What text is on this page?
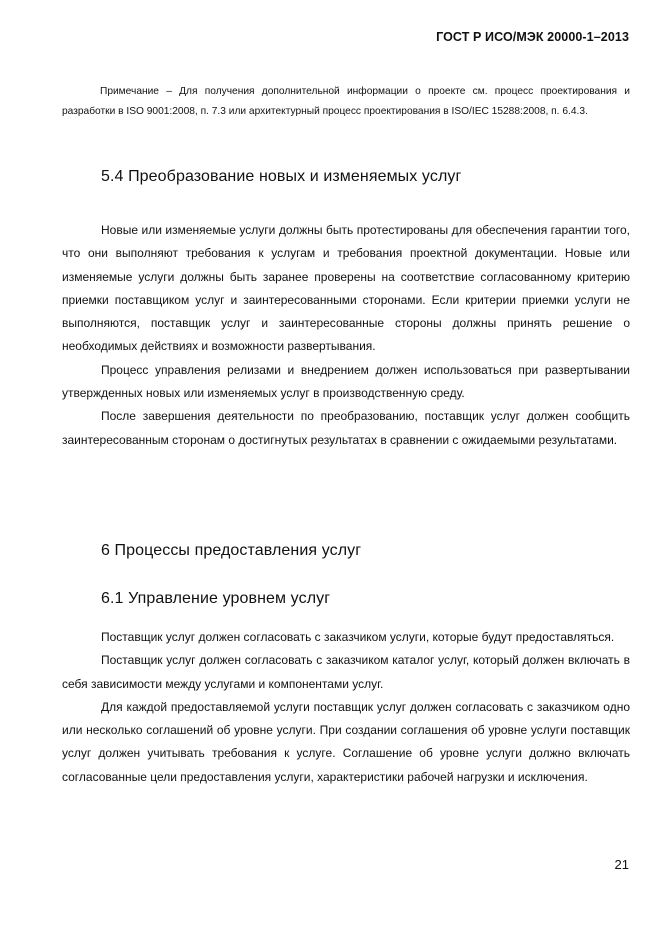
ГОСТ Р ИСО/МЭК 20000-1–2013

Примечание – Для получения дополнительной информации о проекте см. процесс проектирования и разработки в ISO 9001:2008, п. 7.3 или архитектурный процесс проектирования в ISO/IEC 15288:2008, п. 6.4.3.

5.4 Преобразование новых и изменяемых услуг

Новые или изменяемые услуги должны быть протестированы для обеспечения гарантии того, что они выполняют требования к услугам и требования проектной документации. Новые или изменяемые услуги должны быть заранее проверены на соответствие согласованному критерию приемки поставщиком услуг и заинтересованными сторонами. Если критерии приемки услуги не выполняются, поставщик услуг и заинтересованные стороны должны принять решение о необходимых действиях и возможности развертывания.

Процесс управления релизами и внедрением должен использоваться при развертывании утвержденных новых или изменяемых услуг в производственную среду.

После завершения деятельности по преобразованию, поставщик услуг должен сообщить заинтересованным сторонам о достигнутых результатах в сравнении с ожидаемыми результатами.

6 Процессы предоставления услуг
6.1 Управление уровнем услуг

Поставщик услуг должен согласовать с заказчиком услуги, которые будут предоставляться.

Поставщик услуг должен согласовать с заказчиком каталог услуг, который должен включать в себя зависимости между услугами и компонентами услуг.

Для каждой предоставляемой услуги поставщик услуг должен согласовать с заказчиком одно или несколько соглашений об уровне услуги. При создании соглашения об уровне услуги поставщик услуг должен учитывать требования к услуге. Соглашение об уровне услуги должно включать согласованные цели предоставления услуги, характеристики рабочей нагрузки и исключения.

21
